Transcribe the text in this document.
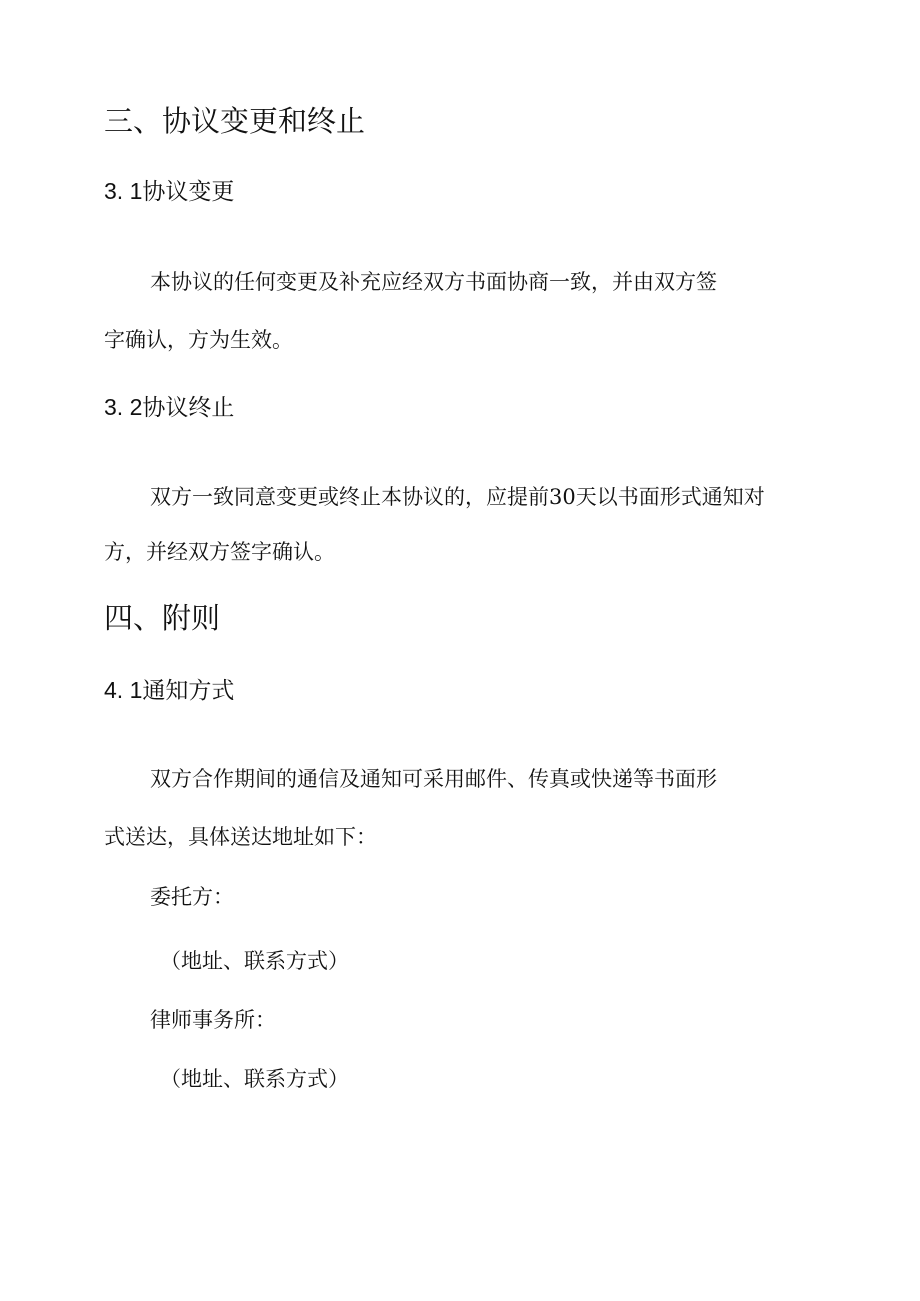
三、协议变更和终止
3. 1协议变更
本协议的任何变更及补充应经双方书面协商一致，并由双方签
字确认，方为生效。
3. 2协议终止
双方一致同意变更或终止本协议的，应提前30天以书面形式通知对
方，并经双方签字确认。
四、附则
4. 1通知方式
双方合作期间的通信及通知可采用邮件、传真或快递等书面形
式送达，具体送达地址如下：
委托方：
（地址、联系方式）
律师事务所：
（地址、联系方式）
